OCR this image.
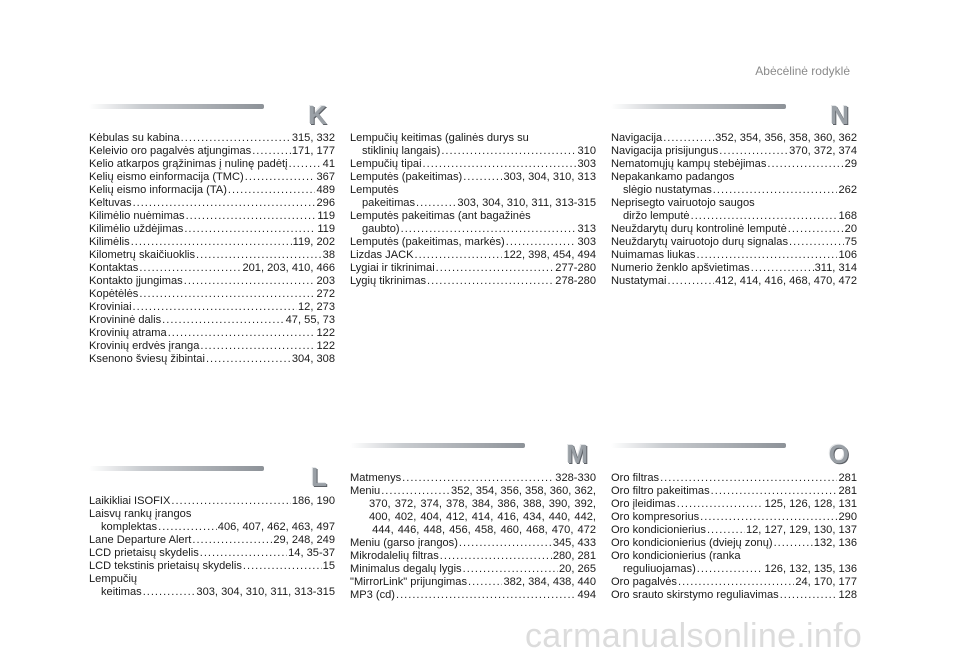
Abėcėlinė rodyklė
K
Kėbulas su kabina .....	315, 332
Keleivio oro pagalvės atjungimas .....	171, 177
Kelio atkarpos grąžinimas į nulinę padėtį .....	41
Kelių eismo einformacija (TMC) .....	367
Kelių eismo informacija (TA) .....	489
Keltuvas .....	296
Kilimėlio nuėmimas .....	119
Kilimėlio uždėjimas .....	119
Kilimėlis .....	119, 202
Kilometrų skaičiuoklis .....	38
Kontaktas .....	201, 203, 410, 466
Kontakto įjungimas .....	203
Kopėtėlės .....	272
Kroviniai .....	12, 273
Krovininė dalis .....	47, 55, 73
Krovinių atrama .....	122
Krovinių erdvės įranga .....	122
Ksenono šviesų žibintai .....	304, 308
Lempučių keitimas (galinės durys su
stiklinių langais) .....	310
Lempučių tipai .....	303
Lemputės (pakeitimas) .....	303, 304, 310, 313
Lemputės
pakeitimas .....	303, 304, 310, 311, 313-315
Lemputės pakeitimas (ant bagažinės
gaubto) .....	313
Lemputės (pakeitimas, markės) .....	303
Lizdas JACK .....	122, 398, 454, 494
Lygiai ir tikrinimai .....	277-280
Lygių tikrinimas .....	278-280
N
Navigacija .....	352, 354, 356, 358, 360, 362
Navigacija prisijungus .....	370, 372, 374
Nematomųjų kampų stebėjimas .....	29
Nepakankamo padangos
slėgio nustatymas .....	262
Neprisegto vairuotojo saugos
diržo lemputė .....	168
Neuždarytų durų kontrolinė lemputė .....	20
Neuždarytų vairuotojo durų signalas .....	75
Nuimamas liukas .....	106
Numerio ženklo apšvietimas .....	311, 314
Nustatymai .....	412, 414, 416, 468, 470, 472
L
Laikikliai ISOFIX .....	186, 190
Laisvų rankų įrangos
komplektas .....	406, 407, 462, 463, 497
Lane Departure Alert .....	29, 248, 249
LCD prietaisų skydelis .....	14, 35-37
LCD tekstinis prietaisų skydelis .....	15
Lempučių
keitimas .....	303, 304, 310, 311, 313-315
M
Matmenys .....	328-330
Meniu .....	352, 354, 356, 358, 360, 362,
370, 372, 374, 378, 384, 386, 388, 390, 392,
400, 402, 404, 412, 414, 416, 434, 440, 442,
444, 446, 448, 456, 458, 460, 468, 470, 472
Meniu (garso įrangos) .....	345, 433
Mikrodalelių filtras .....	280, 281
Minimalus degalų lygis .....	20, 265
"MirrorLink" prijungimas .....	382, 384, 438, 440
MP3 (cd) .....	494
O
Oro filtras .....	281
Oro filtro pakeitimas .....	281
Oro įleidimas .....	125, 126, 128, 131
Oro kompresorius .....	290
Oro kondicionierius .....	12, 127, 129, 130, 137
Oro kondicionierius (dviejų zonų) .....	132, 136
Oro kondicionierius (ranka
reguliuojamas) .....	126, 132, 135, 136
Oro pagalvės .....	24, 170, 177
Oro srauto skirstymo reguliavimas .....	128
carmanualsonline.info
